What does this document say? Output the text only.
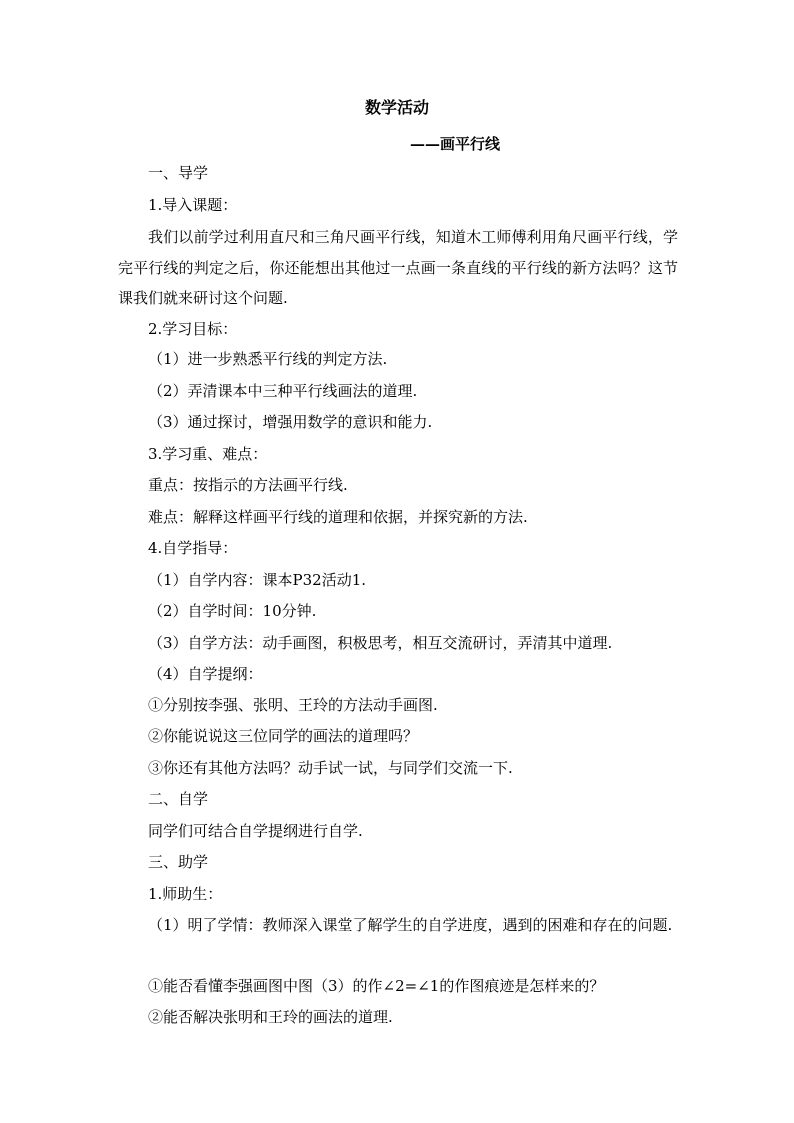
数学活动
——画平行线
一、导学
1.导入课题：
我们以前学过利用直尺和三角尺画平行线，知道木工师傅利用角尺画平行线，学完平行线的判定之后，你还能想出其他过一点画一条直线的平行线的新方法吗？这节课我们就来研讨这个问题.
2.学习目标：
（1）进一步熟悉平行线的判定方法.
（2）弄清课本中三种平行线画法的道理.
（3）通过探讨，增强用数学的意识和能力.
3.学习重、难点：
重点：按指示的方法画平行线.
难点：解释这样画平行线的道理和依据，并探究新的方法.
4.自学指导：
（1）自学内容：课本P32活动1.
（2）自学时间：10分钟.
（3）自学方法：动手画图，积极思考，相互交流研讨，弄清其中道理.
（4）自学提纲：
①分别按李强、张明、王玲的方法动手画图.
②你能说说这三位同学的画法的道理吗？
③你还有其他方法吗？动手试一试，与同学们交流一下.
二、自学
同学们可结合自学提纲进行自学.
三、助学
1.师助生：
（1）明了学情：教师深入课堂了解学生的自学进度，遇到的困难和存在的问题.
①能否看懂李强画图中图（3）的作∠2=∠1的作图痕迹是怎样来的？
②能否解决张明和王玲的画法的道理.
